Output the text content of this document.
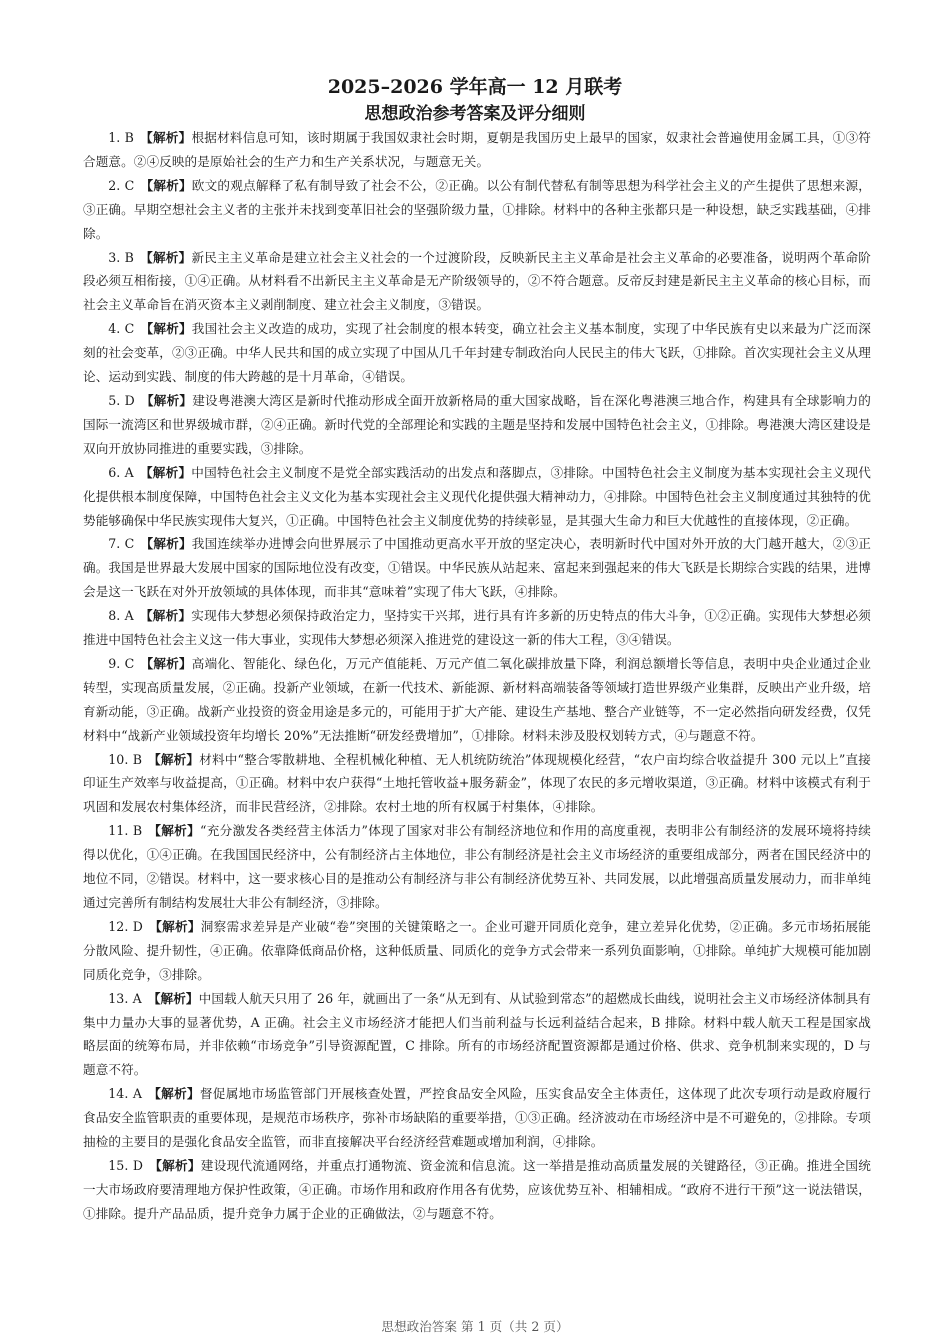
2025–2026 学年高一 12 月联考
思想政治参考答案及评分细则

1. B 【解析】根据材料信息可知，该时期属于我国奴隶社会时期，夏朝是我国历史上最早的国家，奴隶社会普遍使用金属工具，①③符合题意。②④反映的是原始社会的生产力和生产关系状况，与题意无关。

2. C 【解析】欧文的观点解释了私有制导致了社会不公，②正确。以公有制代替私有制等思想为科学社会主义的产生提供了思想来源，③正确。早期空想社会主义者的主张并未找到变革旧社会的坚强阶级力量，①排除。材料中的各种主张都只是一种设想，缺乏实践基础，④排除。

3. B 【解析】新民主主义革命是建立社会主义社会的一个过渡阶段，反映新民主主义革命是社会主义革命的必要准备，说明两个革命阶段必须互相衔接，①④正确。从材料看不出新民主主义革命是无产阶级领导的，②不符合题意。反帝反封建是新民主主义革命的核心目标，而社会主义革命旨在消灭资本主义剥削制度、建立社会主义制度，③错误。

4. C 【解析】我国社会主义改造的成功，实现了社会制度的根本转变，确立社会主义基本制度，实现了中华民族有史以来最为广泛而深刻的社会变革，②③正确。中华人民共和国的成立实现了中国从几千年封建专制政治向人民民主的伟大飞跃，①排除。首次实现社会主义从理论、运动到实践、制度的伟大跨越的是十月革命，④错误。

5. D 【解析】建设粤港澳大湾区是新时代推动形成全面开放新格局的重大国家战略，旨在深化粤港澳三地合作，构建具有全球影响力的国际一流湾区和世界级城市群，②④正确。新时代党的全部理论和实践的主题是坚持和发展中国特色社会主义，①排除。粤港澳大湾区建设是双向开放协同推进的重要实践，③排除。

6. A 【解析】中国特色社会主义制度不是党全部实践活动的出发点和落脚点，③排除。中国特色社会主义制度为基本实现社会主义现代化提供根本制度保障，中国特色社会主义文化为基本实现社会主义现代化提供强大精神动力，④排除。中国特色社会主义制度通过其独特的优势能够确保中华民族实现伟大复兴，①正确。中国特色社会主义制度优势的持续彰显，是其强大生命力和巨大优越性的直接体现，②正确。

7. C 【解析】我国连续举办进博会向世界展示了中国推动更高水平开放的坚定决心，表明新时代中国对外开放的大门越开越大，②③正确。我国是世界最大发展中国家的国际地位没有改变，①错误。中华民族从站起来、富起来到强起来的伟大飞跃是长期综合实践的结果，进博会是这一飞跃在对外开放领域的具体体现，而非其“意味着”实现了伟大飞跃，④排除。

8. A 【解析】实现伟大梦想必须保持政治定力，坚持实干兴邦，进行具有许多新的历史特点的伟大斗争，①②正确。实现伟大梦想必须推进中国特色社会主义这一伟大事业，实现伟大梦想必须深入推进党的建设这一新的伟大工程，③④错误。

9. C 【解析】高端化、智能化、绿色化，万元产值能耗、万元产值二氧化碳排放量下降，利润总额增长等信息，表明中央企业通过企业转型，实现高质量发展，②正确。投新产业领域，在新一代技术、新能源、新材料高端装备等领域打造世界级产业集群，反映出产业升级，培育新动能，③正确。战新产业投资的资金用途是多元的，可能用于扩大产能、建设生产基地、整合产业链等，不一定必然指向研发经费，仅凭材料中“战新产业领域投资年均增长 20%”无法推断“研发经费增加”，①排除。材料未涉及股权划转方式，④与题意不符。

10. B 【解析】材料中“整合零散耕地、全程机械化种植、无人机统防统治”体现规模化经营，“农户亩均综合收益提升 300 元以上”直接印证生产效率与收益提高，①正确。材料中农户获得“土地托管收益+服务薪金”，体现了农民的多元增收渠道，③正确。材料中该模式有利于巩固和发展农村集体经济，而非民营经济，②排除。农村土地的所有权属于村集体，④排除。

11. B 【解析】“充分激发各类经营主体活力”体现了国家对非公有制经济地位和作用的高度重视，表明非公有制经济的发展环境将持续得以优化，①④正确。在我国国民经济中，公有制经济占主体地位，非公有制经济是社会主义市场经济的重要组成部分，两者在国民经济中的地位不同，②错误。材料中，这一要求核心目的是推动公有制经济与非公有制经济优势互补、共同发展，以此增强高质量发展动力，而非单纯通过完善所有制结构发展壮大非公有制经济，③排除。

12. D 【解析】洞察需求差异是产业破“卷”突围的关键策略之一。企业可避开同质化竞争，建立差异化优势，②正确。多元市场拓展能分散风险、提升韧性，④正确。依靠降低商品价格，这种低质量、同质化的竞争方式会带来一系列负面影响，①排除。单纯扩大规模可能加剧同质化竞争，③排除。

13. A 【解析】中国载人航天只用了 26 年，就画出了一条“从无到有、从试验到常态”的超燃成长曲线，说明社会主义市场经济体制具有集中力量办大事的显著优势，A 正确。社会主义市场经济才能把人们当前利益与长远利益结合起来，B 排除。材料中载人航天工程是国家战略层面的统筹布局，并非依赖“市场竞争”引导资源配置，C 排除。所有的市场经济配置资源都是通过价格、供求、竞争机制来实现的，D 与题意不符。

14. A 【解析】督促属地市场监管部门开展核查处置，严控食品安全风险，压实食品安全主体责任，这体现了此次专项行动是政府履行食品安全监管职责的重要体现，是规范市场秩序，弥补市场缺陷的重要举措，①③正确。经济波动在市场经济中是不可避免的，②排除。专项抽检的主要目的是强化食品安全监管，而非直接解决平台经济经营难题或增加利润，④排除。

15. D 【解析】建设现代流通网络，并重点打通物流、资金流和信息流。这一举措是推动高质量发展的关键路径，③正确。推进全国统一大市场政府要清理地方保护性政策，④正确。市场作用和政府作用各有优势，应该优势互补、相辅相成。“政府不进行干预”这一说法错误，①排除。提升产品品质，提升竞争力属于企业的正确做法，②与题意不符。

思想政治答案 第 1 页（共 2 页）
